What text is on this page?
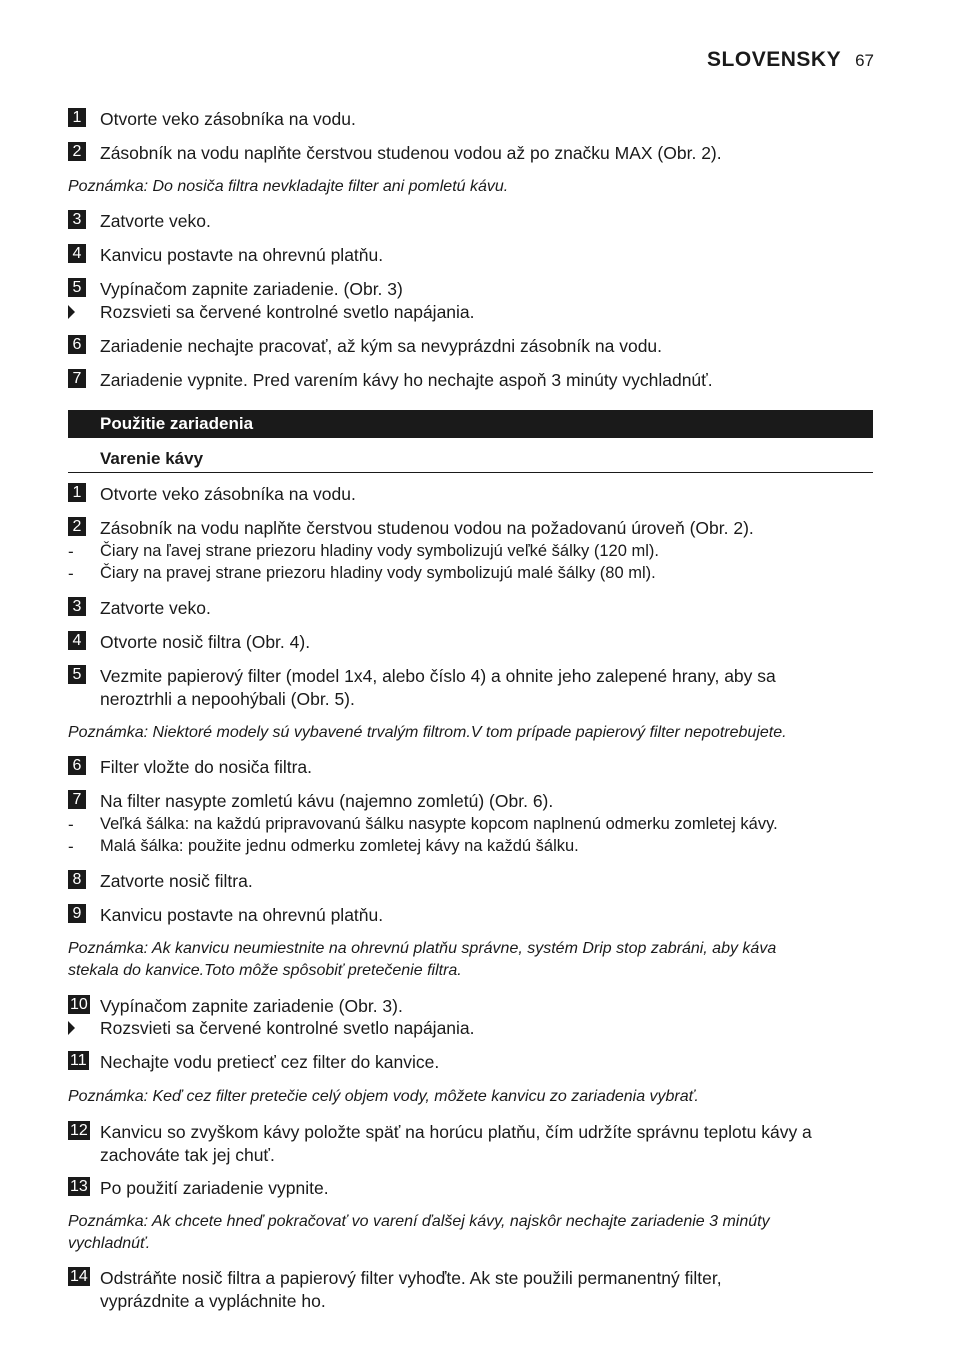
SLOVENSKY 67
1 Otvorte veko zásobníka na vodu.
2 Zásobník na vodu naplňte čerstvou studenou vodou až po značku MAX (Obr. 2).
Poznámka: Do nosiča filtra nevkladajte filter ani pomletú kávu.
3 Zatvorte veko.
4 Kanvicu postavte na ohrevnú platňu.
5 Vypínačom zapnite zariadenie. (Obr. 3)
Rozsvieti sa červené kontrolné svetlo napájania.
6 Zariadenie nechajte pracovať, až kým sa nevyprázdni zásobník na vodu.
7 Zariadenie vypnite. Pred varením kávy ho nechajte aspoň 3 minúty vychladnúť.
Použitie zariadenia
Varenie kávy
1 Otvorte veko zásobníka na vodu.
2 Zásobník na vodu naplňte čerstvou studenou vodou na požadovanú úroveň (Obr. 2).
- Čiary na ľavej strane priezoru hladiny vody symbolizujú veľké šálky (120 ml).
- Čiary na pravej strane priezoru hladiny vody symbolizujú malé šálky (80 ml).
3 Zatvorte veko.
4 Otvorte nosič filtra (Obr. 4).
5 Vezmite papierový filter (model 1x4, alebo číslo 4) a ohnite jeho zalepené hrany, aby sa
neroztrhli a nepoohýbali (Obr. 5).
Poznámka: Niektoré modely sú vybavené trvalým filtrom.V tom prípade papierový filter nepotrebujete.
6 Filter vložte do nosiča filtra.
7 Na filter nasypte zomletú kávu (najemno zomletú) (Obr. 6).
- Veľká šálka: na každú pripravovanú šálku nasypte kopcom naplnenú odmerku zomletej kávy.
- Malá šálka: použite jednu odmerku zomletej kávy na každú šálku.
8 Zatvorte nosič filtra.
9 Kanvicu postavte na ohrevnú platňu.
Poznámka: Ak kanvicu neumiestnite na ohrevnú platňu správne, systém Drip stop zabráni, aby káva
stekala do kanvice.Toto môže spôsobiť pretečenie filtra.
10 Vypínačom zapnite zariadenie (Obr. 3).
Rozsvieti sa červené kontrolné svetlo napájania.
11 Nechajte vodu pretiecť cez filter do kanvice.
Poznámka: Keď cez filter pretečie celý objem vody, môžete kanvicu zo zariadenia vybrať.
12 Kanvicu so zvyškom kávy položte späť na horúcu platňu, čím udržíte správnu teplotu kávy a
zachováte tak jej chuť.
13 Po použití zariadenie vypnite.
Poznámka: Ak chcete hneď pokračovať vo varení ďalšej kávy, najskôr nechajte zariadenie 3 minúty
vychladnúť.
14 Odstráňte nosič filtra a papierový filter vyhoďte. Ak ste použili permanentný filter,
vyprázdnite a vypláchnite ho.
